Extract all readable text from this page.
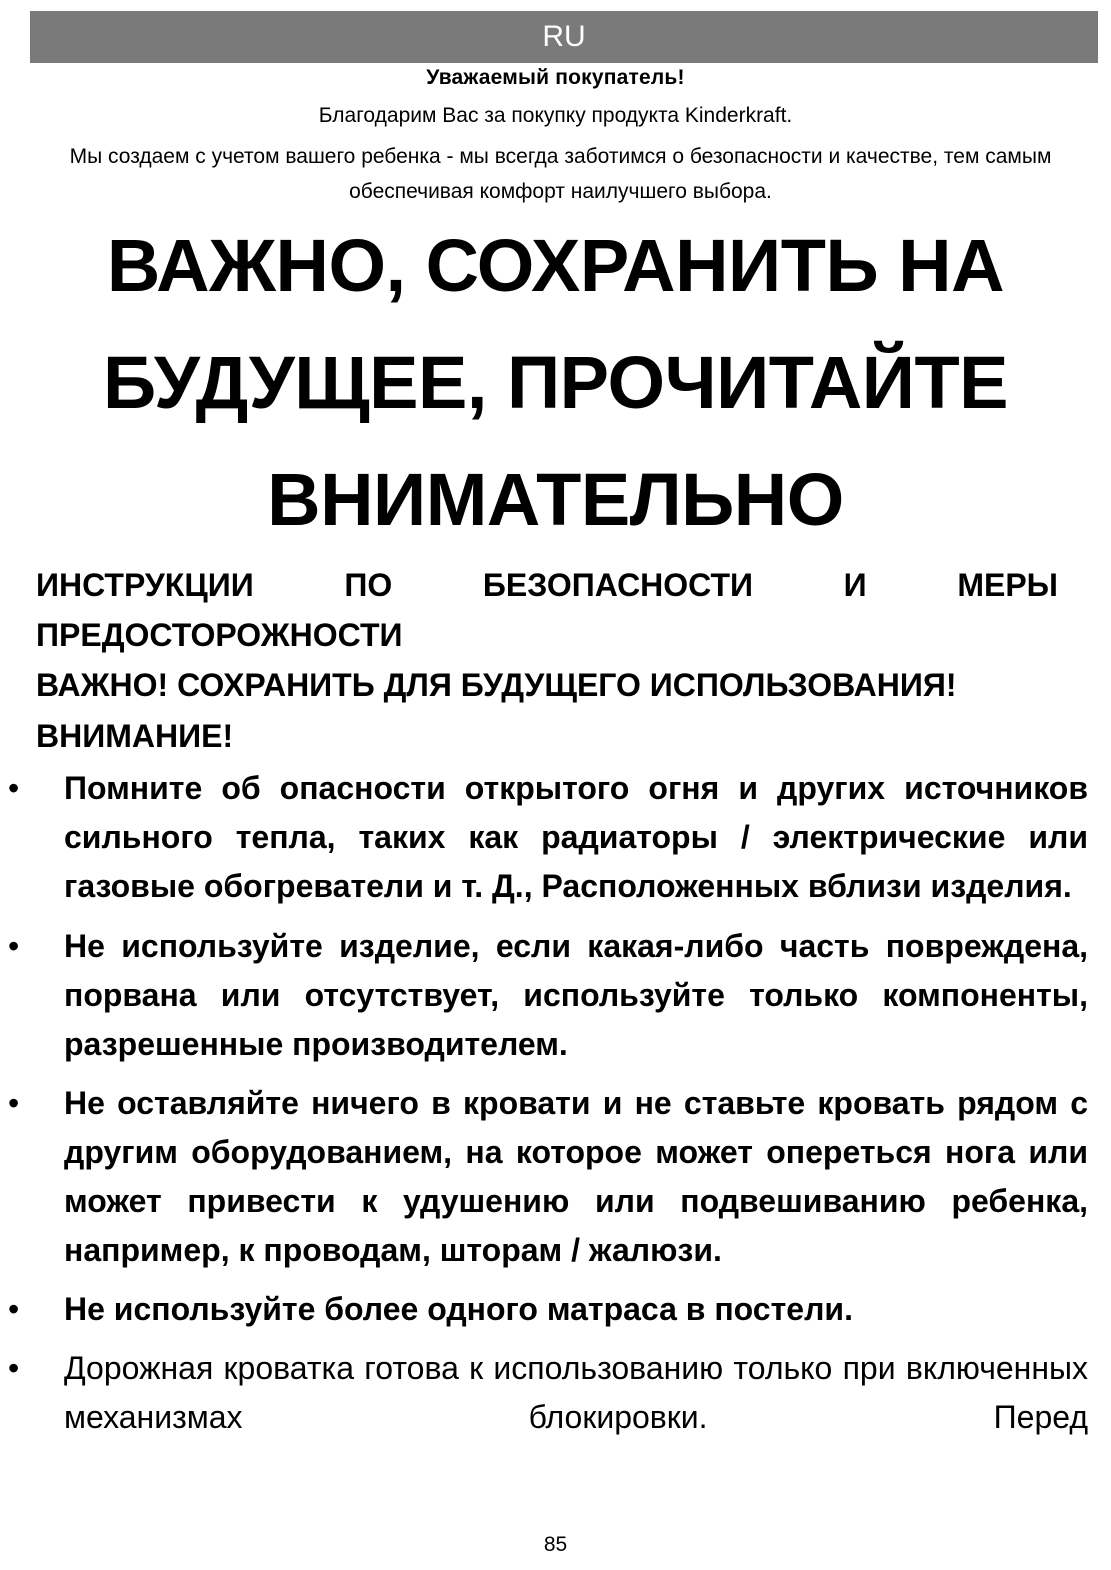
RU
Уважаемый покупатель!
Благодарим Вас за покупку продукта Kinderkraft.
Мы создаем с учетом вашего ребенка - мы всегда заботимся о безопасности и качестве, тем самым обеспечивая комфорт наилучшего выбора.
ВАЖНО, СОХРАНИТЬ НА БУДУЩЕЕ, ПРОЧИТАЙТЕ ВНИМАТЕЛЬНО
ИНСТРУКЦИИ ПО БЕЗОПАСНОСТИ И МЕРЫ
ПРЕДОСТОРОЖНОСТИ
ВАЖНО! СОХРАНИТЬ ДЛЯ БУДУЩЕГО ИСПОЛЬЗОВАНИЯ!
ВНИМАНИЕ!
• Помните об опасности открытого огня и других источников сильного тепла, таких как радиаторы / электрические или газовые обогреватели и т. Д., Расположенных вблизи изделия.
• Не используйте изделие, если какая-либо часть повреждена, порвана или отсутствует, используйте только компоненты, разрешенные производителем.
• Не оставляйте ничего в кровати и не ставьте кровать рядом с другим оборудованием, на которое может опереться нога или может привести к удушению или подвешиванию ребенка, например, к проводам, шторам / жалюзи.
• Не используйте более одного матраса в постели.
• Дорожная кроватка готова к использованию только при включенных механизмах блокировки. Перед
85
